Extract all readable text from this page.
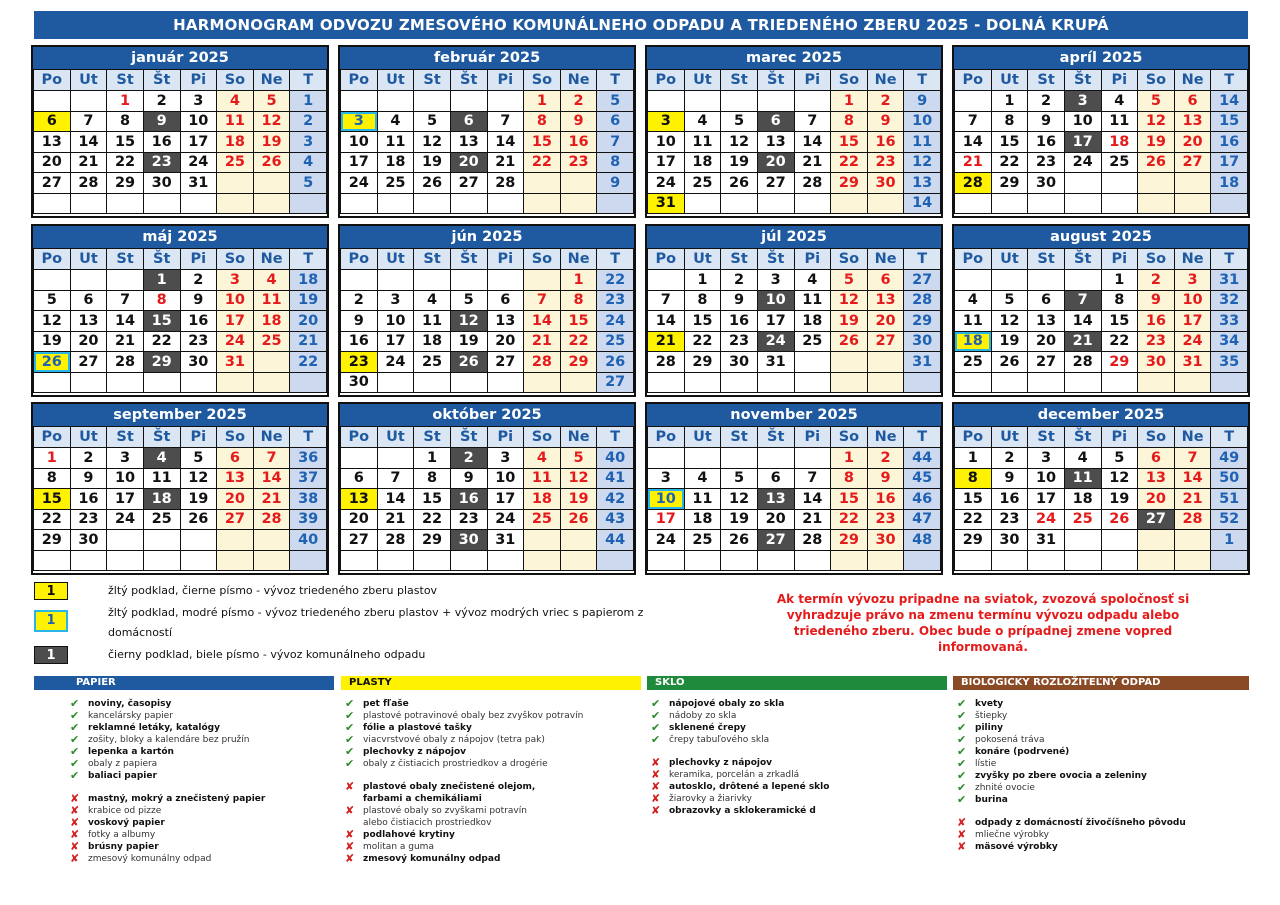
HARMONOGRAM ODVOZU ZMESOVÉHO KOMUNÁLNEHO ODPADU A TRIEDENÉHO ZBERU 2025 - DOLNÁ KRUPÁ
január 2025
Po	Ut	St	Št	Pi	So	Ne	T
		1	2	3	4	5	1
6	7	8	9	10	11	12	2
13	14	15	16	17	18	19	3
20	21	22	23	24	25	26	4
27	28	29	30	31			5

február 2025
Po	Ut	St	Št	Pi	So	Ne	T
					1	2	5
3	4	5	6	7	8	9	6
10	11	12	13	14	15	16	7
17	18	19	20	21	22	23	8
24	25	26	27	28			9

marec 2025
Po	Ut	St	Št	Pi	So	Ne	T
					1	2	9
3	4	5	6	7	8	9	10
10	11	12	13	14	15	16	11
17	18	19	20	21	22	23	12
24	25	26	27	28	29	30	13
31							14
apríl 2025
Po	Ut	St	Št	Pi	So	Ne	T
	1	2	3	4	5	6	14
7	8	9	10	11	12	13	15
14	15	16	17	18	19	20	16
21	22	23	24	25	26	27	17
28	29	30					18

máj 2025
Po	Ut	St	Št	Pi	So	Ne	T
			1	2	3	4	18
5	6	7	8	9	10	11	19
12	13	14	15	16	17	18	20
19	20	21	22	23	24	25	21
26	27	28	29	30	31		22

jún 2025
Po	Ut	St	Št	Pi	So	Ne	T
						1	22
2	3	4	5	6	7	8	23
9	10	11	12	13	14	15	24
16	17	18	19	20	21	22	25
23	24	25	26	27	28	29	26
30							27
júl 2025
Po	Ut	St	Št	Pi	So	Ne	T
	1	2	3	4	5	6	27
7	8	9	10	11	12	13	28
14	15	16	17	18	19	20	29
21	22	23	24	25	26	27	30
28	29	30	31				31

august 2025
Po	Ut	St	Št	Pi	So	Ne	T
				1	2	3	31
4	5	6	7	8	9	10	32
11	12	13	14	15	16	17	33
18	19	20	21	22	23	24	34
25	26	27	28	29	30	31	35

september 2025
Po	Ut	St	Št	Pi	So	Ne	T
1	2	3	4	5	6	7	36
8	9	10	11	12	13	14	37
15	16	17	18	19	20	21	38
22	23	24	25	26	27	28	39
29	30						40

október 2025
Po	Ut	St	Št	Pi	So	Ne	T
		1	2	3	4	5	40
6	7	8	9	10	11	12	41
13	14	15	16	17	18	19	42
20	21	22	23	24	25	26	43
27	28	29	30	31			44

november 2025
Po	Ut	St	Št	Pi	So	Ne	T
					1	2	44
3	4	5	6	7	8	9	45
10	11	12	13	14	15	16	46
17	18	19	20	21	22	23	47
24	25	26	27	28	29	30	48

december 2025
Po	Ut	St	Št	Pi	So	Ne	T
1	2	3	4	5	6	7	49
8	9	10	11	12	13	14	50
15	16	17	18	19	20	21	51
22	23	24	25	26	27	28	52
29	30	31					1

1	žltý podklad, čierne písmo - vývoz triedeného zberu plastov
1
žltý podklad, modré písmo - vývoz triedeného zberu plastov + vývoz modrých vriec s papierom z domácností
1	čierny podklad, biele písmo - vývoz komunálneho odpadu
Ak termín vývozu pripadne na sviatok, zvozová spoločnosť si vyhradzuje právo na zmenu termínu vývozu odpadu alebo triedeného zberu. Obec bude o prípadnej zmene vopred informovaná.
PAPIER
✔ noviny, časopisy
✔ kancelársky papier
✔ reklamné letáky, katalógy
✔ zošity, bloky a kalendáre bez pružín
✔ lepenka a kartón
✔ obaly z papiera
✔ baliaci papier
✘ mastný, mokrý a znečistený papier
✘ krabice od pizze
✘ voskový papier
✘ fotky a albumy
✘ brúsny papier
✘ zmesový komunálny odpad
PLASTY
✔ pet fľaše
✔ plastové potravinové obaly bez zvyškov potravín
✔ fólie a plastové tašky
✔ viacvrstvové obaly z nápojov (tetra pak)
✔ plechovky z nápojov
✔ obaly z čistiacich prostriedkov a drogérie
✘ plastové obaly znečistené olejom,
farbami a chemikáliami
✘ plastové obaly so zvyškami potravín
alebo čistiacich prostriedkov
✘ podlahové krytiny
✘ molitan a guma
✘ zmesový komunálny odpad
SKLO
✔ nápojové obaly zo skla
✔ nádoby zo skla
✔ sklenené črepy
✔ črepy tabuľového skla
✘ plechovky z nápojov
✘ keramika, porcelán a zrkadlá
✘ autosklo, drôtené a lepené sklo
✘ žiarovky a žiarivky
✘ obrazovky a sklokeramické d
BIOLOGICKY ROZLOŽITEĽNÝ ODPAD
✔ kvety
✔ štiepky
✔ piliny
✔ pokosená tráva
✔ konáre (podrvené)
✔ lístie
✔ zvyšky po zbere ovocia a zeleniny
✔ zhnité ovocie
✔ burina
✘ odpady z domácností živočíšneho pôvodu
✘ mliečne výrobky
✘ mäsové výrobky
